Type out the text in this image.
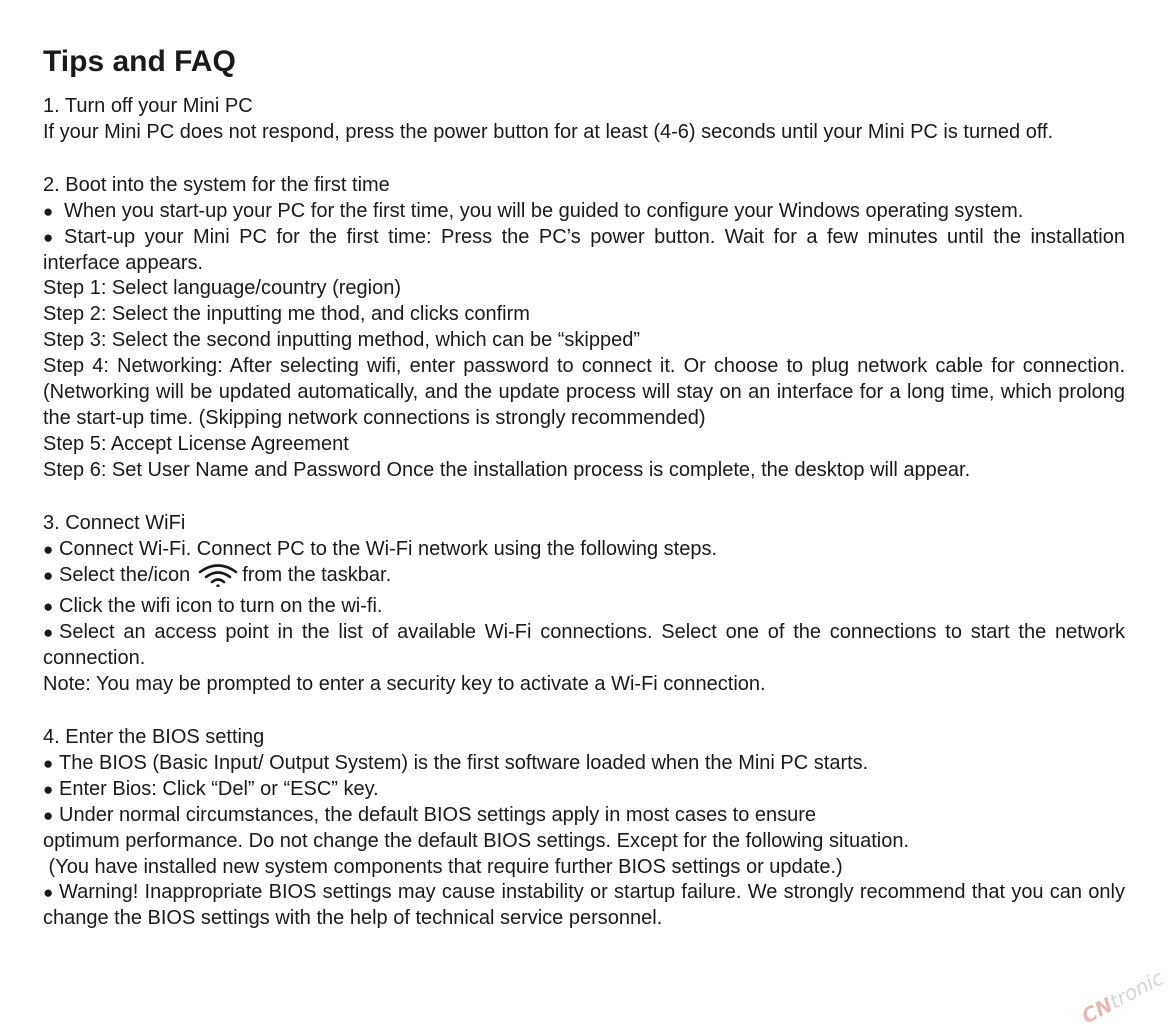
Tips and FAQ

1. Turn off your Mini PC

If your Mini PC does not respond, press the power button for at least (4-6) seconds until your Mini PC is turned off.

2. Boot into the system for the first time

● When you start-up your PC for the first time, you will be guided to configure your Windows operating system.

● Start-up your Mini PC for the first time: Press the PC’s power button. Wait for a few minutes until the installation interface appears.

Step 1: Select language/country (region)

Step 2: Select the inputting me thod, and clicks confirm

Step 3: Select the second inputting method, which can be “skipped”

Step 4: Networking: After selecting wifi, enter password to connect it. Or choose to plug network cable for connection. (Networking will be updated automatically, and the update process will stay on an interface for a long time, which prolong the start-up time. (Skipping network connections is strongly recommended)

Step 5: Accept License Agreement

Step 6: Set User Name and Password Once the installation process is complete, the desktop will appear.

3. Connect WiFi

● Connect Wi-Fi. Connect PC to the Wi-Fi network using the following steps.

● Select the/icon	from the taskbar.

● Click the wifi icon to turn on the wi-fi.

● Select an access point in the list of available Wi-Fi connections. Select one of the connections to start the network connection.

Note: You may be prompted to enter a security key to activate a Wi-Fi connection.

4. Enter the BIOS setting

● The BIOS (Basic Input/ Output System) is the first software loaded when the Mini PC starts.

● Enter Bios: Click “Del” or “ESC” key.

● Under normal circumstances, the default BIOS settings apply in most cases to ensure

optimum performance. Do not change the default BIOS settings. Except for the following situation.

(You have installed new system components that require further BIOS settings or update.)

● Warning! Inappropriate BIOS settings may cause instability or startup failure. We strongly recommend that you can only change the BIOS settings with the help of technical service personnel.

CNtronic
